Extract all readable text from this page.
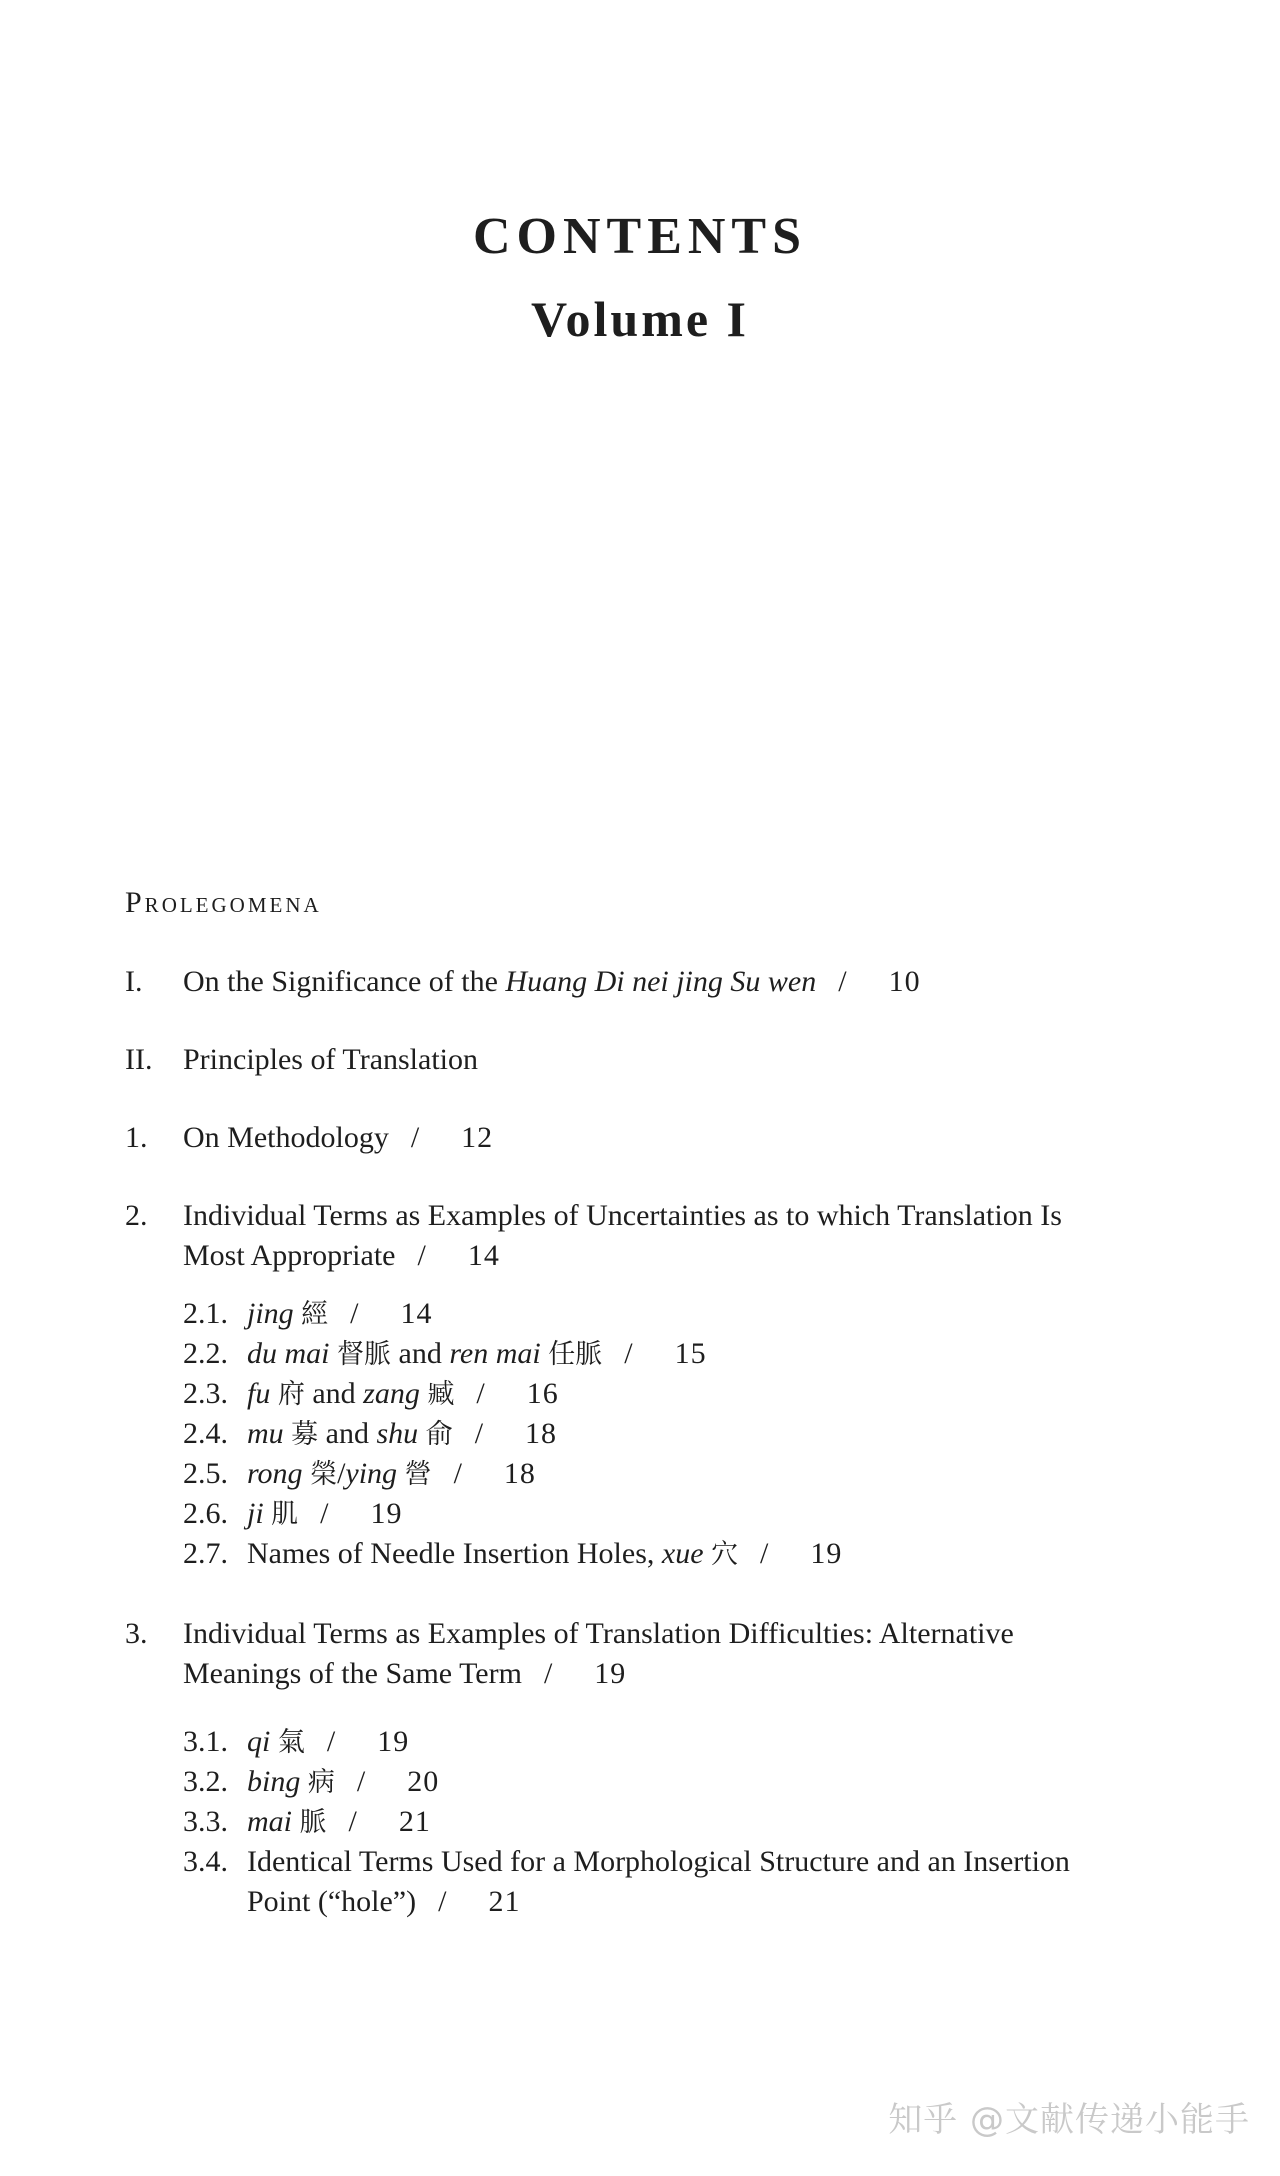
CONTENTS
Volume I
Prolegomena
I. On the Significance of the Huang Di nei jing Su wen / 10
II. Principles of Translation
1. On Methodology / 12
2. Individual Terms as Examples of Uncertainties as to which Translation Is
Most Appropriate / 14
2.1. jing 經 / 14
2.2. du mai 督脈 and ren mai 任脈 / 15
2.3. fu 府 and zang 臧 / 16
2.4. mu 募 and shu 俞 / 18
2.5. rong 榮/ying 營 / 18
2.6. ji 肌 / 19
2.7. Names of Needle Insertion Holes, xue 穴 / 19
3. Individual Terms as Examples of Translation Difficulties: Alternative
Meanings of the Same Term / 19
3.1. qi 氣 / 19
3.2. bing 病 / 20
3.3. mai 脈 / 21
3.4. Identical Terms Used for a Morphological Structure and an Insertion
Point (“hole”) / 21
知乎 @文献传递小能手
